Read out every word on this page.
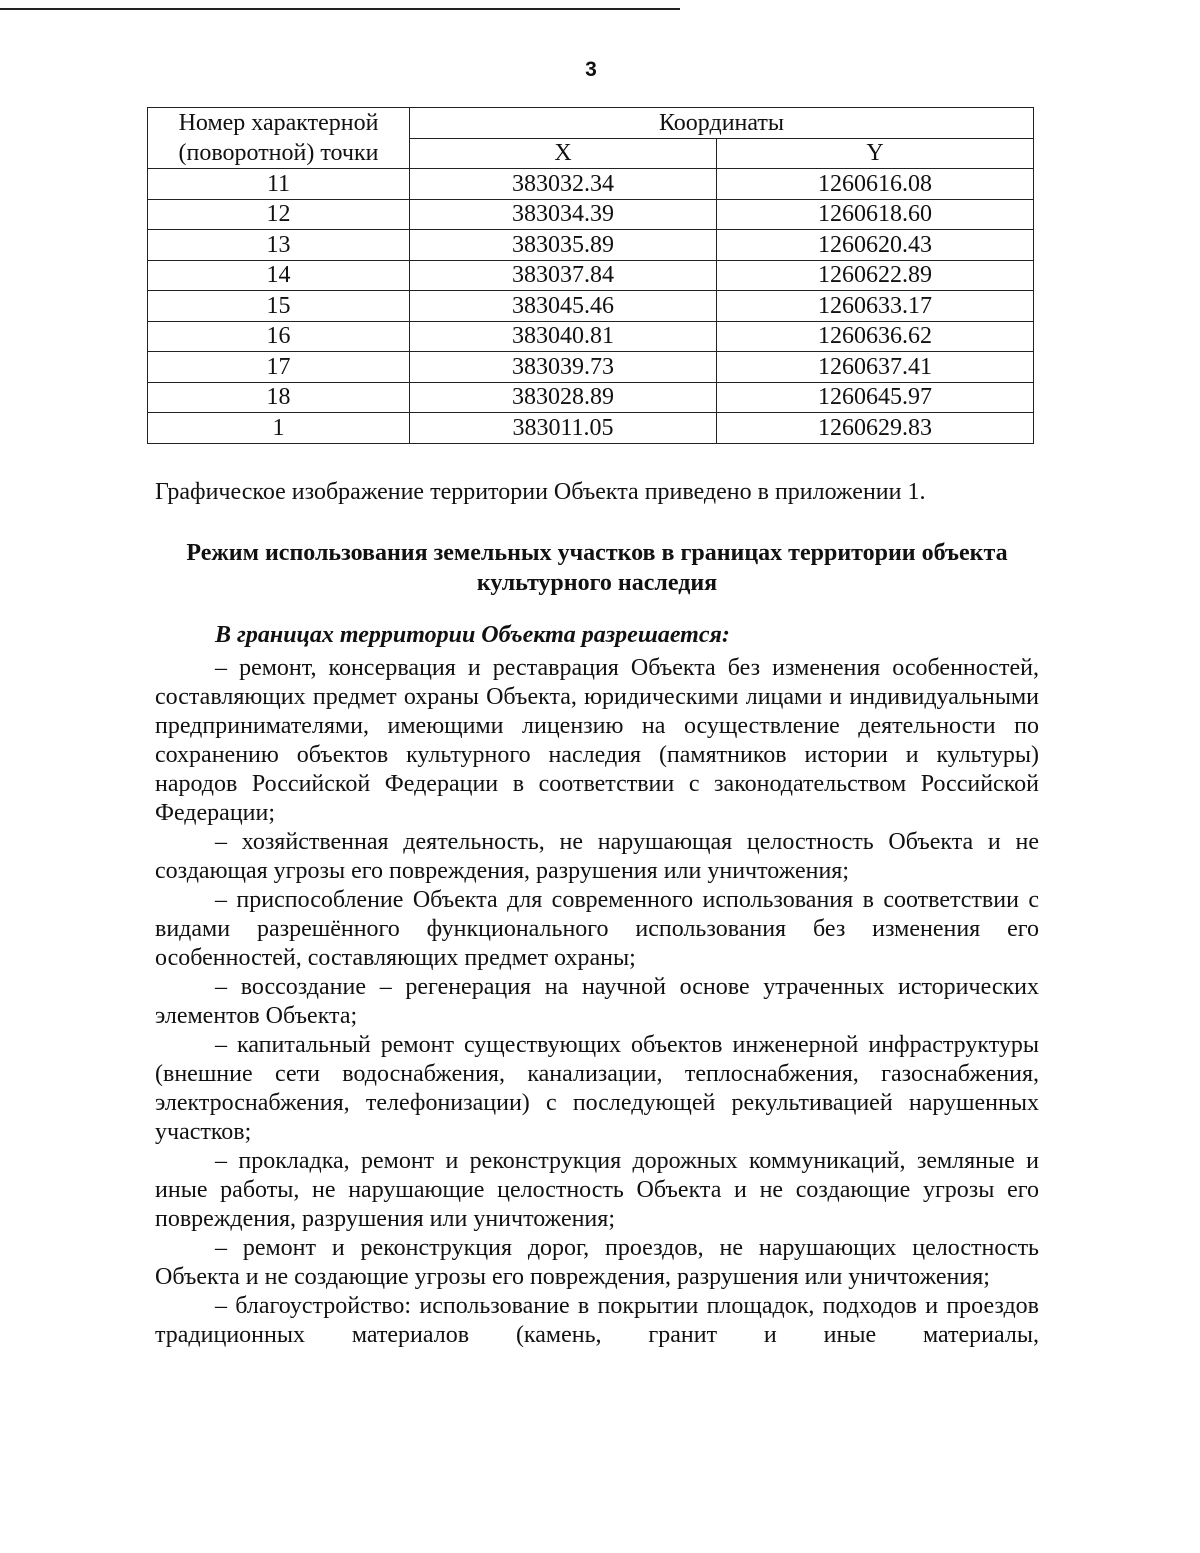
3
Номер характерной (поворотной) точки	Координаты	
	X	Y
11	383032.34	1260616.08
12	383034.39	1260618.60
13	383035.89	1260620.43
14	383037.84	1260622.89
15	383045.46	1260633.17
16	383040.81	1260636.62
17	383039.73	1260637.41
18	383028.89	1260645.97
1	383011.05	1260629.83
Графическое изображение территории Объекта приведено в приложении 1.
Режим использования земельных участков в границах территории объекта культурного наследия
В границах территории Объекта разрешается:

– ремонт, консервация и реставрация Объекта без изменения особенностей, составляющих предмет охраны Объекта, юридическими лицами и индивидуальными предпринимателями, имеющими лицензию на осуществление деятельности по сохранению объектов культурного наследия (памятников истории и культуры) народов Российской Федерации в соответствии с законодательством Российской Федерации;

– хозяйственная деятельность, не нарушающая целостность Объекта и не создающая угрозы его повреждения, разрушения или уничтожения;

– приспособление Объекта для современного использования в соответствии с видами разрешённого функционального использования без изменения его особенностей, составляющих предмет охраны;

– воссоздание – регенерация на научной основе утраченных исторических элементов Объекта;

– капитальный ремонт существующих объектов инженерной инфраструктуры (внешние сети водоснабжения, канализации, теплоснабжения, газоснабжения, электроснабжения, телефонизации) с последующей рекультивацией нарушенных участков;

– прокладка, ремонт и реконструкция дорожных коммуникаций, земляные и иные работы, не нарушающие целостность Объекта и не создающие угрозы его повреждения, разрушения или уничтожения;

– ремонт и реконструкция дорог, проездов, не нарушающих целостность Объекта и не создающие угрозы его повреждения, разрушения или уничтожения;

– благоустройство: использование в покрытии площадок, подходов и проездов традиционных материалов (камень, гранит и иные материалы,
